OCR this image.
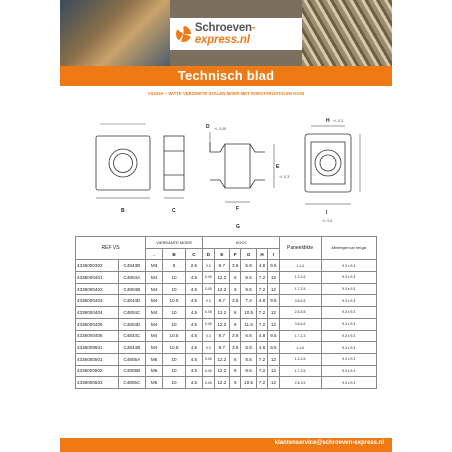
Schroeven-express.nl
Technisch blad
VS433A – WITTE VERZINKTE STALEN MOER MET ROESTVRIJSTALEN KOOI
B	C
D
E
F
G
H
I
+/- 0,05
+/- 0,3
+/- 0,3
+/- 0,5
REF VS		VIERKANTE MOER			KOOI						Paneeldikte	Afmetingen van het gat
		–	B	C	D	E	F	G	H	I		
4336000302	C4843B	M3	8	2.5	0.3	9.7	3.6	5.9	4.8	9.5	1-1.4	9.3 x 9.3
4336000401	C4804A	M4	10	4.5	0.45	12.2	6	8.5	7.2	12	1.2-1.6	9.3 x 9.3
4336000402	C4804B	M4	10	4.5	0.45	12.2	6	9.5	7.2	12	1.7-2.5	9.3 x 9.3
4336000403	C4844D	M4	10.5	4.5	0.3	9.7	3.6	7.4	4.8	9.5	3.6-4.5	9.3 x 9.3
4336000404	C4804C	M4	10	4.5	0.45	12.2	6	10.5	7.2	12	2.6-3.5	9.3 x 9.3
4336000405	C4804D	M4	10	4.5	0.45	12.2	6	11.5	7.2	12	3.6-4.5	9.3 x 9.3
4336000406	C4844C	M4	10.5	4.5	0.3	9.7	3.6	6.6	4.8	9.5	1.7-2.3	9.3 x 9.3
4336009601	C4844B	M4	10.5	4.5	0.3	9.7	3.6	5.9	4.8	9.5	1-1.6	9.3 x 9.3
4336000501	C4805A	M5	10	4.5	0.45	12.2	6	8.5	7.2	12	1.2-1.6	9.3 x 9.3
4336000502	C4805B	M5	10	4.5	0.45	12.2	6	9.5	7.2	12	1.7-2.5	9.3 x 9.3
4336000503	C4805C	M5	10	4.5	0.45	12.2	6	10.5	7.2	12	2.6-3.5	9.3 x 9.3
klantenservice@schroeven-express.nl
